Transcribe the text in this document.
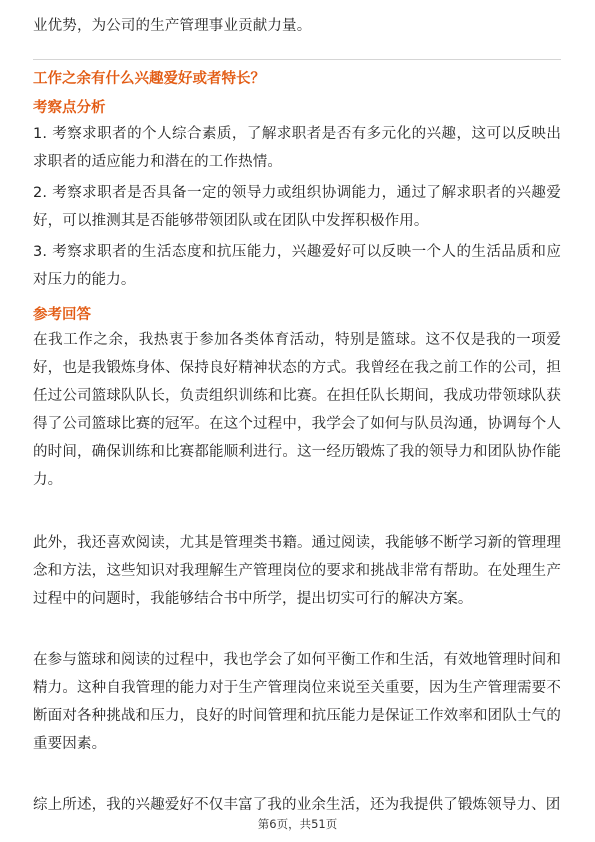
业优势，为公司的生产管理事业贡献力量。

工作之余有什么兴趣爱好或者特长？

考察点分析

1. 考察求职者的个人综合素质，了解求职者是否有多元化的兴趣，这可以反映出求职者的适应能力和潜在的工作热情。

2. 考察求职者是否具备一定的领导力或组织协调能力，通过了解求职者的兴趣爱好，可以推测其是否能够带领团队或在团队中发挥积极作用。

3. 考察求职者的生活态度和抗压能力，兴趣爱好可以反映一个人的生活品质和应对压力的能力。

参考回答

在我工作之余，我热衷于参加各类体育活动，特别是篮球。这不仅是我的一项爱好，也是我锻炼身体、保持良好精神状态的方式。我曾经在我之前工作的公司，担任过公司篮球队队长，负责组织训练和比赛。在担任队长期间，我成功带领球队获得了公司篮球比赛的冠军。在这个过程中，我学会了如何与队员沟通，协调每个人的时间，确保训练和比赛都能顺利进行。这一经历锻炼了我的领导力和团队协作能力。

此外，我还喜欢阅读，尤其是管理类书籍。通过阅读，我能够不断学习新的管理理念和方法，这些知识对我理解生产管理岗位的要求和挑战非常有帮助。在处理生产过程中的问题时，我能够结合书中所学，提出切实可行的解决方案。

在参与篮球和阅读的过程中，我也学会了如何平衡工作和生活，有效地管理时间和精力。这种自我管理的能力对于生产管理岗位来说至关重要，因为生产管理需要不断面对各种挑战和压力，良好的时间管理和抗压能力是保证工作效率和团队士气的重要因素。

综上所述，我的兴趣爱好不仅丰富了我的业余生活，还为我提供了锻炼领导力、团

第6页，共51页
